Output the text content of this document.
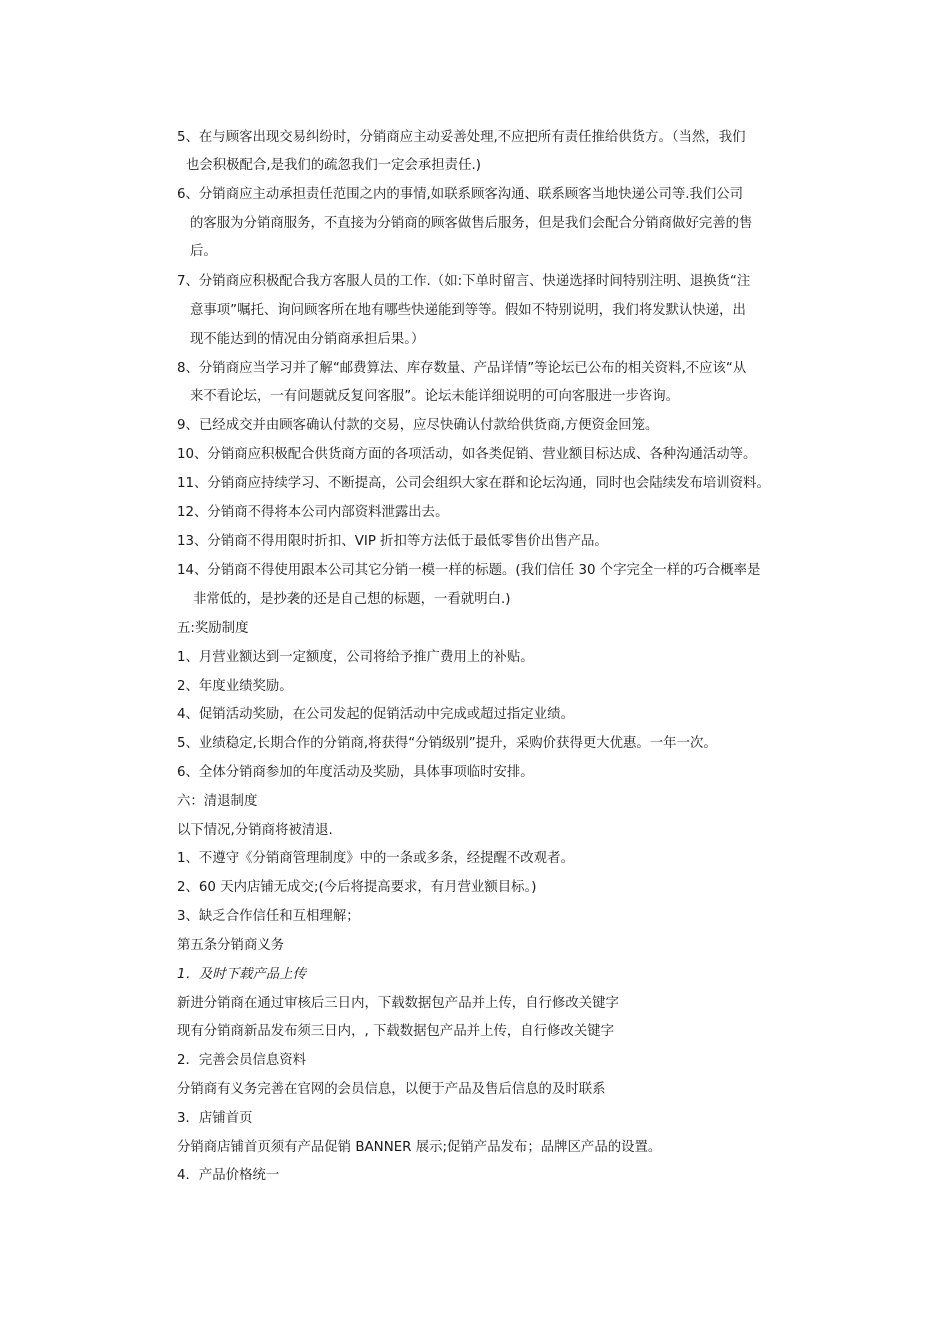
5、在与顾客出现交易纠纷时，分销商应主动妥善处理,不应把所有责任推给供货方。（当然，我们
也会积极配合,是我们的疏忽我们一定会承担责任.)
6、分销商应主动承担责任范围之内的事情,如联系顾客沟通、联系顾客当地快递公司等.我们公司
的客服为分销商服务，不直接为分销商的顾客做售后服务，但是我们会配合分销商做好完善的售
后。
7、分销商应积极配合我方客服人员的工作.（如:下单时留言、快递选择时间特别注明、退换货“注
意事项”嘱托、询问顾客所在地有哪些快递能到等等。假如不特别说明，我们将发默认快递，出
现不能达到的情况由分销商承担后果。）
8、分销商应当学习并了解“邮费算法、库存数量、产品详情”等论坛已公布的相关资料,不应该“从
来不看论坛，一有问题就反复问客服”。论坛未能详细说明的可向客服进一步咨询。
9、已经成交并由顾客确认付款的交易，应尽快确认付款给供货商,方便资金回笼。
10、分销商应积极配合供货商方面的各项活动，如各类促销、营业额目标达成、各种沟通活动等。
11、分销商应持续学习、不断提高，公司会组织大家在群和论坛沟通，同时也会陆续发布培训资料。
12、分销商不得将本公司内部资料泄露出去。
13、分销商不得用限时折扣、VIP 折扣等方法低于最低零售价出售产品。
14、分销商不得使用跟本公司其它分销一模一样的标题。(我们信任 30 个字完全一样的巧合概率是
非常低的，是抄袭的还是自己想的标题，一看就明白.)
五:奖励制度
1、月营业额达到一定额度，公司将给予推广费用上的补贴。
2、年度业绩奖励。
4、促销活动奖励，在公司发起的促销活动中完成或超过指定业绩。
5、业绩稳定,长期合作的分销商,将获得“分销级别”提升，采购价获得更大优惠。一年一次。
6、全体分销商参加的年度活动及奖励，具体事项临时安排。
六：清退制度
以下情况,分销商将被清退.
1、不遵守《分销商管理制度》中的一条或多条，经提醒不改观者。
2、60 天内店铺无成交;(今后将提高要求，有月营业额目标。)
3、缺乏合作信任和互相理解；
第五条分销商义务
1．及时下载产品上传
新进分销商在通过审核后三日内，下载数据包产品并上传，自行修改关键字
现有分销商新品发布须三日内，, 下载数据包产品并上传，自行修改关键字
2．完善会员信息资料
分销商有义务完善在官网的会员信息，以便于产品及售后信息的及时联系
3．店铺首页
分销商店铺首页须有产品促销 BANNER 展示;促销产品发布；品牌区产品的设置。
4．产品价格统一
